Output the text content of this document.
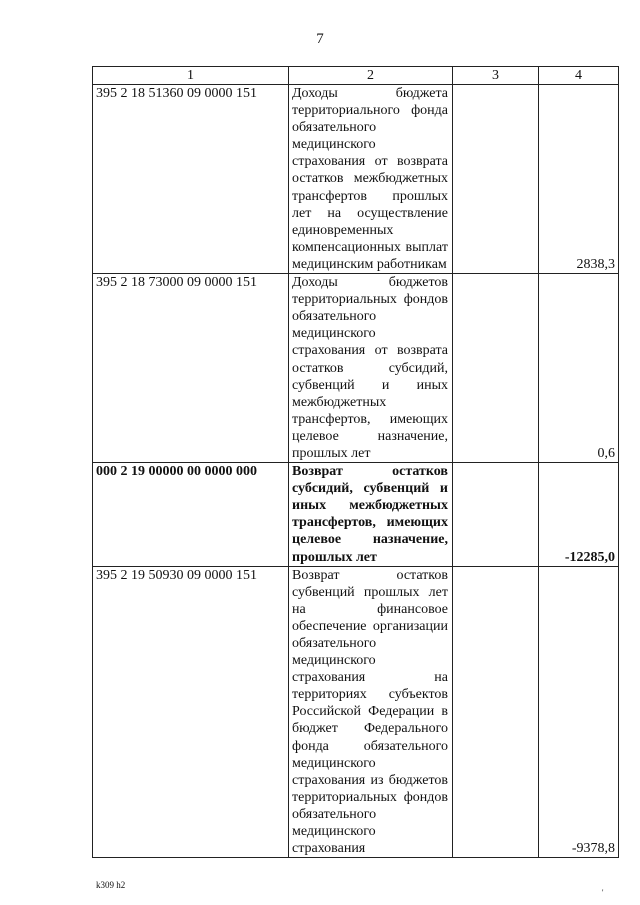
7
1	2	3	4
395 2 18 51360 09 0000 151	Доходы бюджета территориального фонда обязательного медицинского страхования от возврата остатков межбюджетных трансфертов прошлых лет на осуществление единовременных компенсационных выплат медицинским работникам		2838,3
395 2 18 73000 09 0000 151	Доходы бюджетов территориальных фондов обязательного медицинского страхования от возврата остатков субсидий, субвенций и иных межбюджетных трансфертов, имеющих целевое назначение, прошлых лет		0,6
000 2 19 00000 00 0000 000	Возврат остатков субсидий, субвенций и иных межбюджетных трансфертов, имеющих целевое назначение, прошлых лет		-12285,0
395 2 19 50930 09 0000 151	Возврат остатков субвенций прошлых лет на финансовое обеспечение организации обязательного медицинского страхования на территориях субъектов Российской Федерации в бюджет Федерального фонда обязательного медицинского страхования из бюджетов территориальных фондов обязательного медицинского страхования		-9378,8
k309 h2
'
